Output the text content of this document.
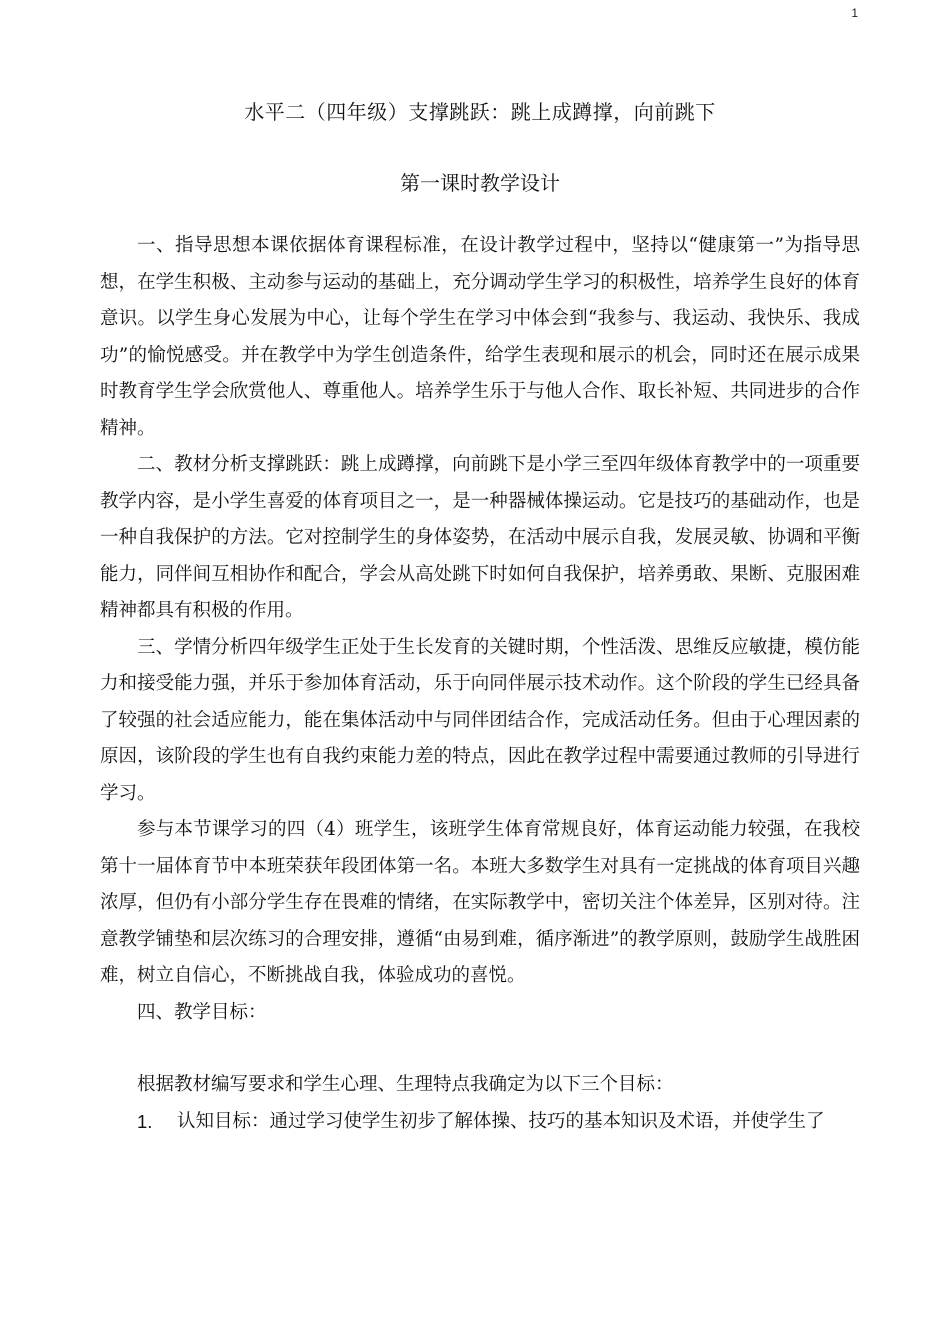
1
水平二（四年级）支撑跳跃：跳上成蹲撑，向前跳下
第一课时教学设计

一、指导思想本课依据体育课程标准，在设计教学过程中，坚持以“健康第一”为指导思想，在学生积极、主动参与运动的基础上，充分调动学生学习的积极性，培养学生良好的体育意识。以学生身心发展为中心，让每个学生在学习中体会到“我参与、我运动、我快乐、我成功”的愉悦感受。并在教学中为学生创造条件，给学生表现和展示的机会，同时还在展示成果时教育学生学会欣赏他人、尊重他人。培养学生乐于与他人合作、取长补短、共同进步的合作精神。

二、教材分析支撑跳跃：跳上成蹲撑，向前跳下是小学三至四年级体育教学中的一项重要教学内容，是小学生喜爱的体育项目之一，是一种器械体操运动。它是技巧的基础动作，也是一种自我保护的方法。它对控制学生的身体姿势，在活动中展示自我，发展灵敏、协调和平衡能力，同伴间互相协作和配合，学会从高处跳下时如何自我保护，培养勇敢、果断、克服困难精神都具有积极的作用。

三、学情分析四年级学生正处于生长发育的关键时期，个性活泼、思维反应敏捷，模仿能力和接受能力强，并乐于参加体育活动，乐于向同伴展示技术动作。这个阶段的学生已经具备了较强的社会适应能力，能在集体活动中与同伴团结合作，完成活动任务。但由于心理因素的原因，该阶段的学生也有自我约束能力差的特点，因此在教学过程中需要通过教师的引导进行学习。

参与本节课学习的四（4）班学生，该班学生体育常规良好，体育运动能力较强，在我校第十一届体育节中本班荣获年段团体第一名。本班大多数学生对具有一定挑战的体育项目兴趣浓厚，但仍有小部分学生存在畏难的情绪，在实际教学中，密切关注个体差异，区别对待。注意教学铺垫和层次练习的合理安排，遵循“由易到难，循序渐进”的教学原则，鼓励学生战胜困难，树立自信心，不断挑战自我，体验成功的喜悦。

四、教学目标：

根据教材编写要求和学生心理、生理特点我确定为以下三个目标：

1.	认知目标：通过学习使学生初步了解体操、技巧的基本知识及术语，并使学生了
